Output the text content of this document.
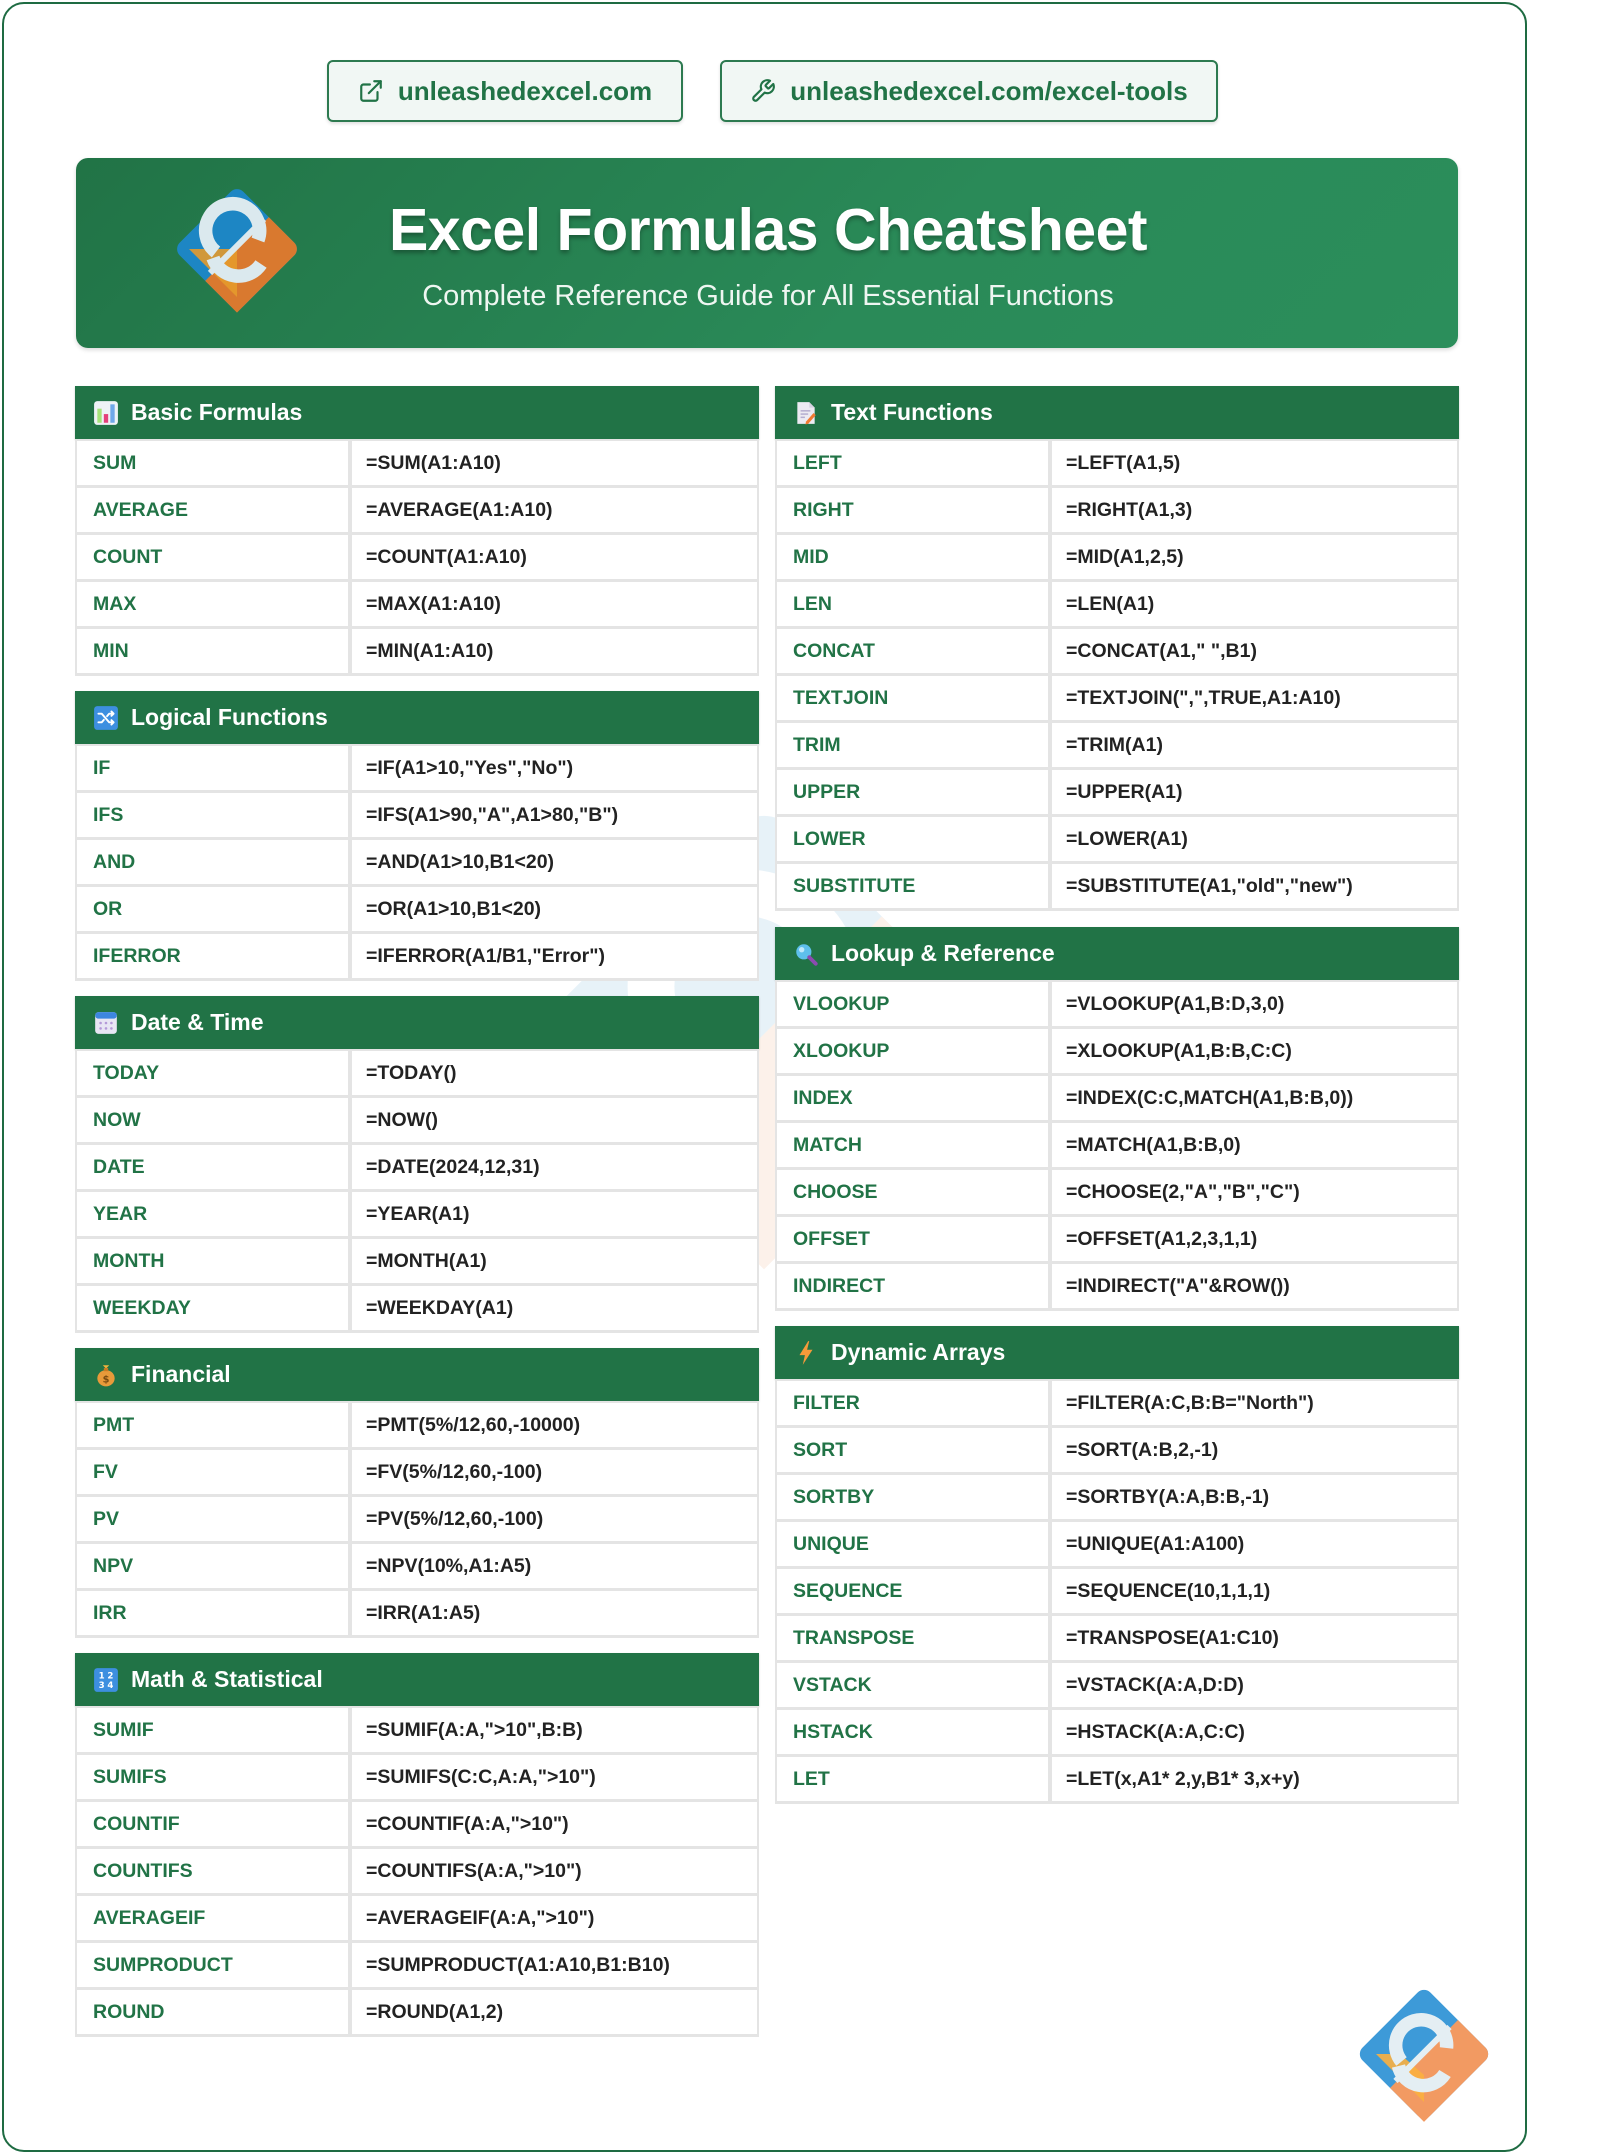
unleashedexcel.com	unleashedexcel.com/excel-tools
Excel Formulas Cheatsheet
Complete Reference Guide for All Essential Functions
Basic Formulas
SUM	=SUM(A1:A10)
AVERAGE	=AVERAGE(A1:A10)
COUNT	=COUNT(A1:A10)
MAX	=MAX(A1:A10)
MIN	=MIN(A1:A10)
Logical Functions
IF	=IF(A1>10,"Yes","No")
IFS	=IFS(A1>90,"A",A1>80,"B")
AND	=AND(A1>10,B1<20)
OR	=OR(A1>10,B1<20)
IFERROR	=IFERROR(A1/B1,"Error")
Date & Time
TODAY	=TODAY()
NOW	=NOW()
DATE	=DATE(2024,12,31)
YEAR	=YEAR(A1)
MONTH	=MONTH(A1)
WEEKDAY	=WEEKDAY(A1)
$ Financial
PMT	=PMT(5%/12,60,-10000)
FV	=FV(5%/12,60,-100)
PV	=PV(5%/12,60,-100)
NPV	=NPV(10%,A1:A5)
IRR	=IRR(A1:A5)
1 2
3 4 Math & Statistical
SUMIF	=SUMIF(A:A,">10",B:B)
SUMIFS	=SUMIFS(C:C,A:A,">10")
COUNTIF	=COUNTIF(A:A,">10")
COUNTIFS	=COUNTIFS(A:A,">10")
AVERAGEIF	=AVERAGEIF(A:A,">10")
SUMPRODUCT	=SUMPRODUCT(A1:A10,B1:B10)
ROUND	=ROUND(A1,2)
Text Functions
LEFT	=LEFT(A1,5)
RIGHT	=RIGHT(A1,3)
MID	=MID(A1,2,5)
LEN	=LEN(A1)
CONCAT	=CONCAT(A1," ",B1)
TEXTJOIN	=TEXTJOIN(",",TRUE,A1:A10)
TRIM	=TRIM(A1)
UPPER	=UPPER(A1)
LOWER	=LOWER(A1)
SUBSTITUTE	=SUBSTITUTE(A1,"old","new")
Lookup & Reference
VLOOKUP	=VLOOKUP(A1,B:D,3,0)
XLOOKUP	=XLOOKUP(A1,B:B,C:C)
INDEX	=INDEX(C:C,MATCH(A1,B:B,0))
MATCH	=MATCH(A1,B:B,0)
CHOOSE	=CHOOSE(2,"A","B","C")
OFFSET	=OFFSET(A1,2,3,1,1)
INDIRECT	=INDIRECT("A"&ROW())
Dynamic Arrays
FILTER	=FILTER(A:C,B:B="North")
SORT	=SORT(A:B,2,-1)
SORTBY	=SORTBY(A:A,B:B,-1)
UNIQUE	=UNIQUE(A1:A100)
SEQUENCE	=SEQUENCE(10,1,1,1)
TRANSPOSE	=TRANSPOSE(A1:C10)
VSTACK	=VSTACK(A:A,D:D)
HSTACK	=HSTACK(A:A,C:C)
LET	=LET(x,A1* 2,y,B1* 3,x+y)
